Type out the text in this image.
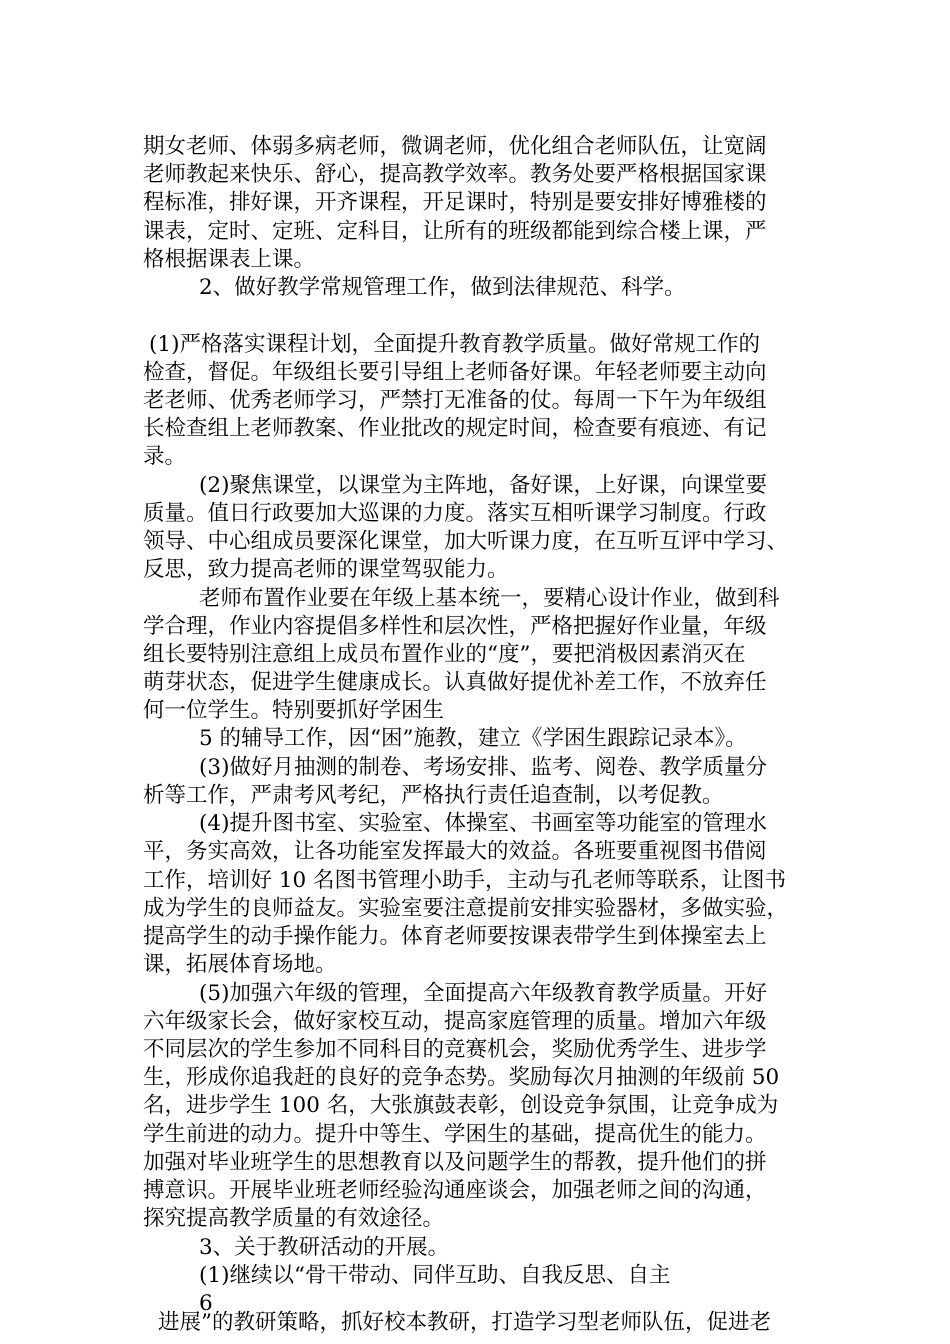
期女老师、体弱多病老师，微调老师，优化组合老师队伍，让宽阔

老师教起来快乐、舒心，提高教学效率。教务处要严格根据国家课

程标准，排好课，开齐课程，开足课时，特别是要安排好博雅楼的

课表，定时、定班、定科目，让所有的班级都能到综合楼上课，严

格根据课表上课。

2、做好教学常规管理工作，做到法律规范、科学。

(1)严格落实课程计划，全面提升教育教学质量。做好常规工作的

检查，督促。年级组长要引导组上老师备好课。年轻老师要主动向

老老师、优秀老师学习，严禁打无准备的仗。每周一下午为年级组

长检查组上老师教案、作业批改的规定时间，检查要有痕迹、有记

录。

(2)聚焦课堂，以课堂为主阵地，备好课，上好课，向课堂要

质量。值日行政要加大巡课的力度。落实互相听课学习制度。行政

领导、中心组成员要深化课堂，加大听课力度，在互听互评中学习、

反思，致力提高老师的课堂驾驭能力。

老师布置作业要在年级上基本统一，要精心设计作业，做到科

学合理，作业内容提倡多样性和层次性，严格把握好作业量，年级

组长要特别注意组上成员布置作业的“度”，要把消极因素消灭在

萌芽状态，促进学生健康成长。认真做好提优补差工作，不放弃任

何一位学生。特别要抓好学困生

5 的辅导工作，因“困”施教，建立《学困生跟踪记录本》。

(3)做好月抽测的制卷、考场安排、监考、阅卷、教学质量分

析等工作，严肃考风考纪，严格执行责任追查制，以考促教。

(4)提升图书室、实验室、体操室、书画室等功能室的管理水

平，务实高效，让各功能室发挥最大的效益。各班要重视图书借阅

工作，培训好 10 名图书管理小助手，主动与孔老师等联系，让图书

成为学生的良师益友。实验室要注意提前安排实验器材，多做实验，

提高学生的动手操作能力。体育老师要按课表带学生到体操室去上

课，拓展体育场地。

(5)加强六年级的管理，全面提高六年级教育教学质量。开好

六年级家长会，做好家校互动，提高家庭管理的质量。增加六年级

不同层次的学生参加不同科目的竞赛机会，奖励优秀学生、进步学

生，形成你追我赶的良好的竞争态势。奖励每次月抽测的年级前 50

名，进步学生 100 名，大张旗鼓表彰，创设竞争氛围，让竞争成为

学生前进的动力。提升中等生、学困生的基础，提高优生的能力。

加强对毕业班学生的思想教育以及问题学生的帮教，提升他们的拼

搏意识。开展毕业班老师经验沟通座谈会，加强老师之间的沟通，

探究提高教学质量的有效途径。

3、关于教研活动的开展。

(1)继续以“骨干带动、同伴互助、自我反思、自主

6

进展”的教研策略，抓好校本教研，打造学习型老师队伍，促进老
